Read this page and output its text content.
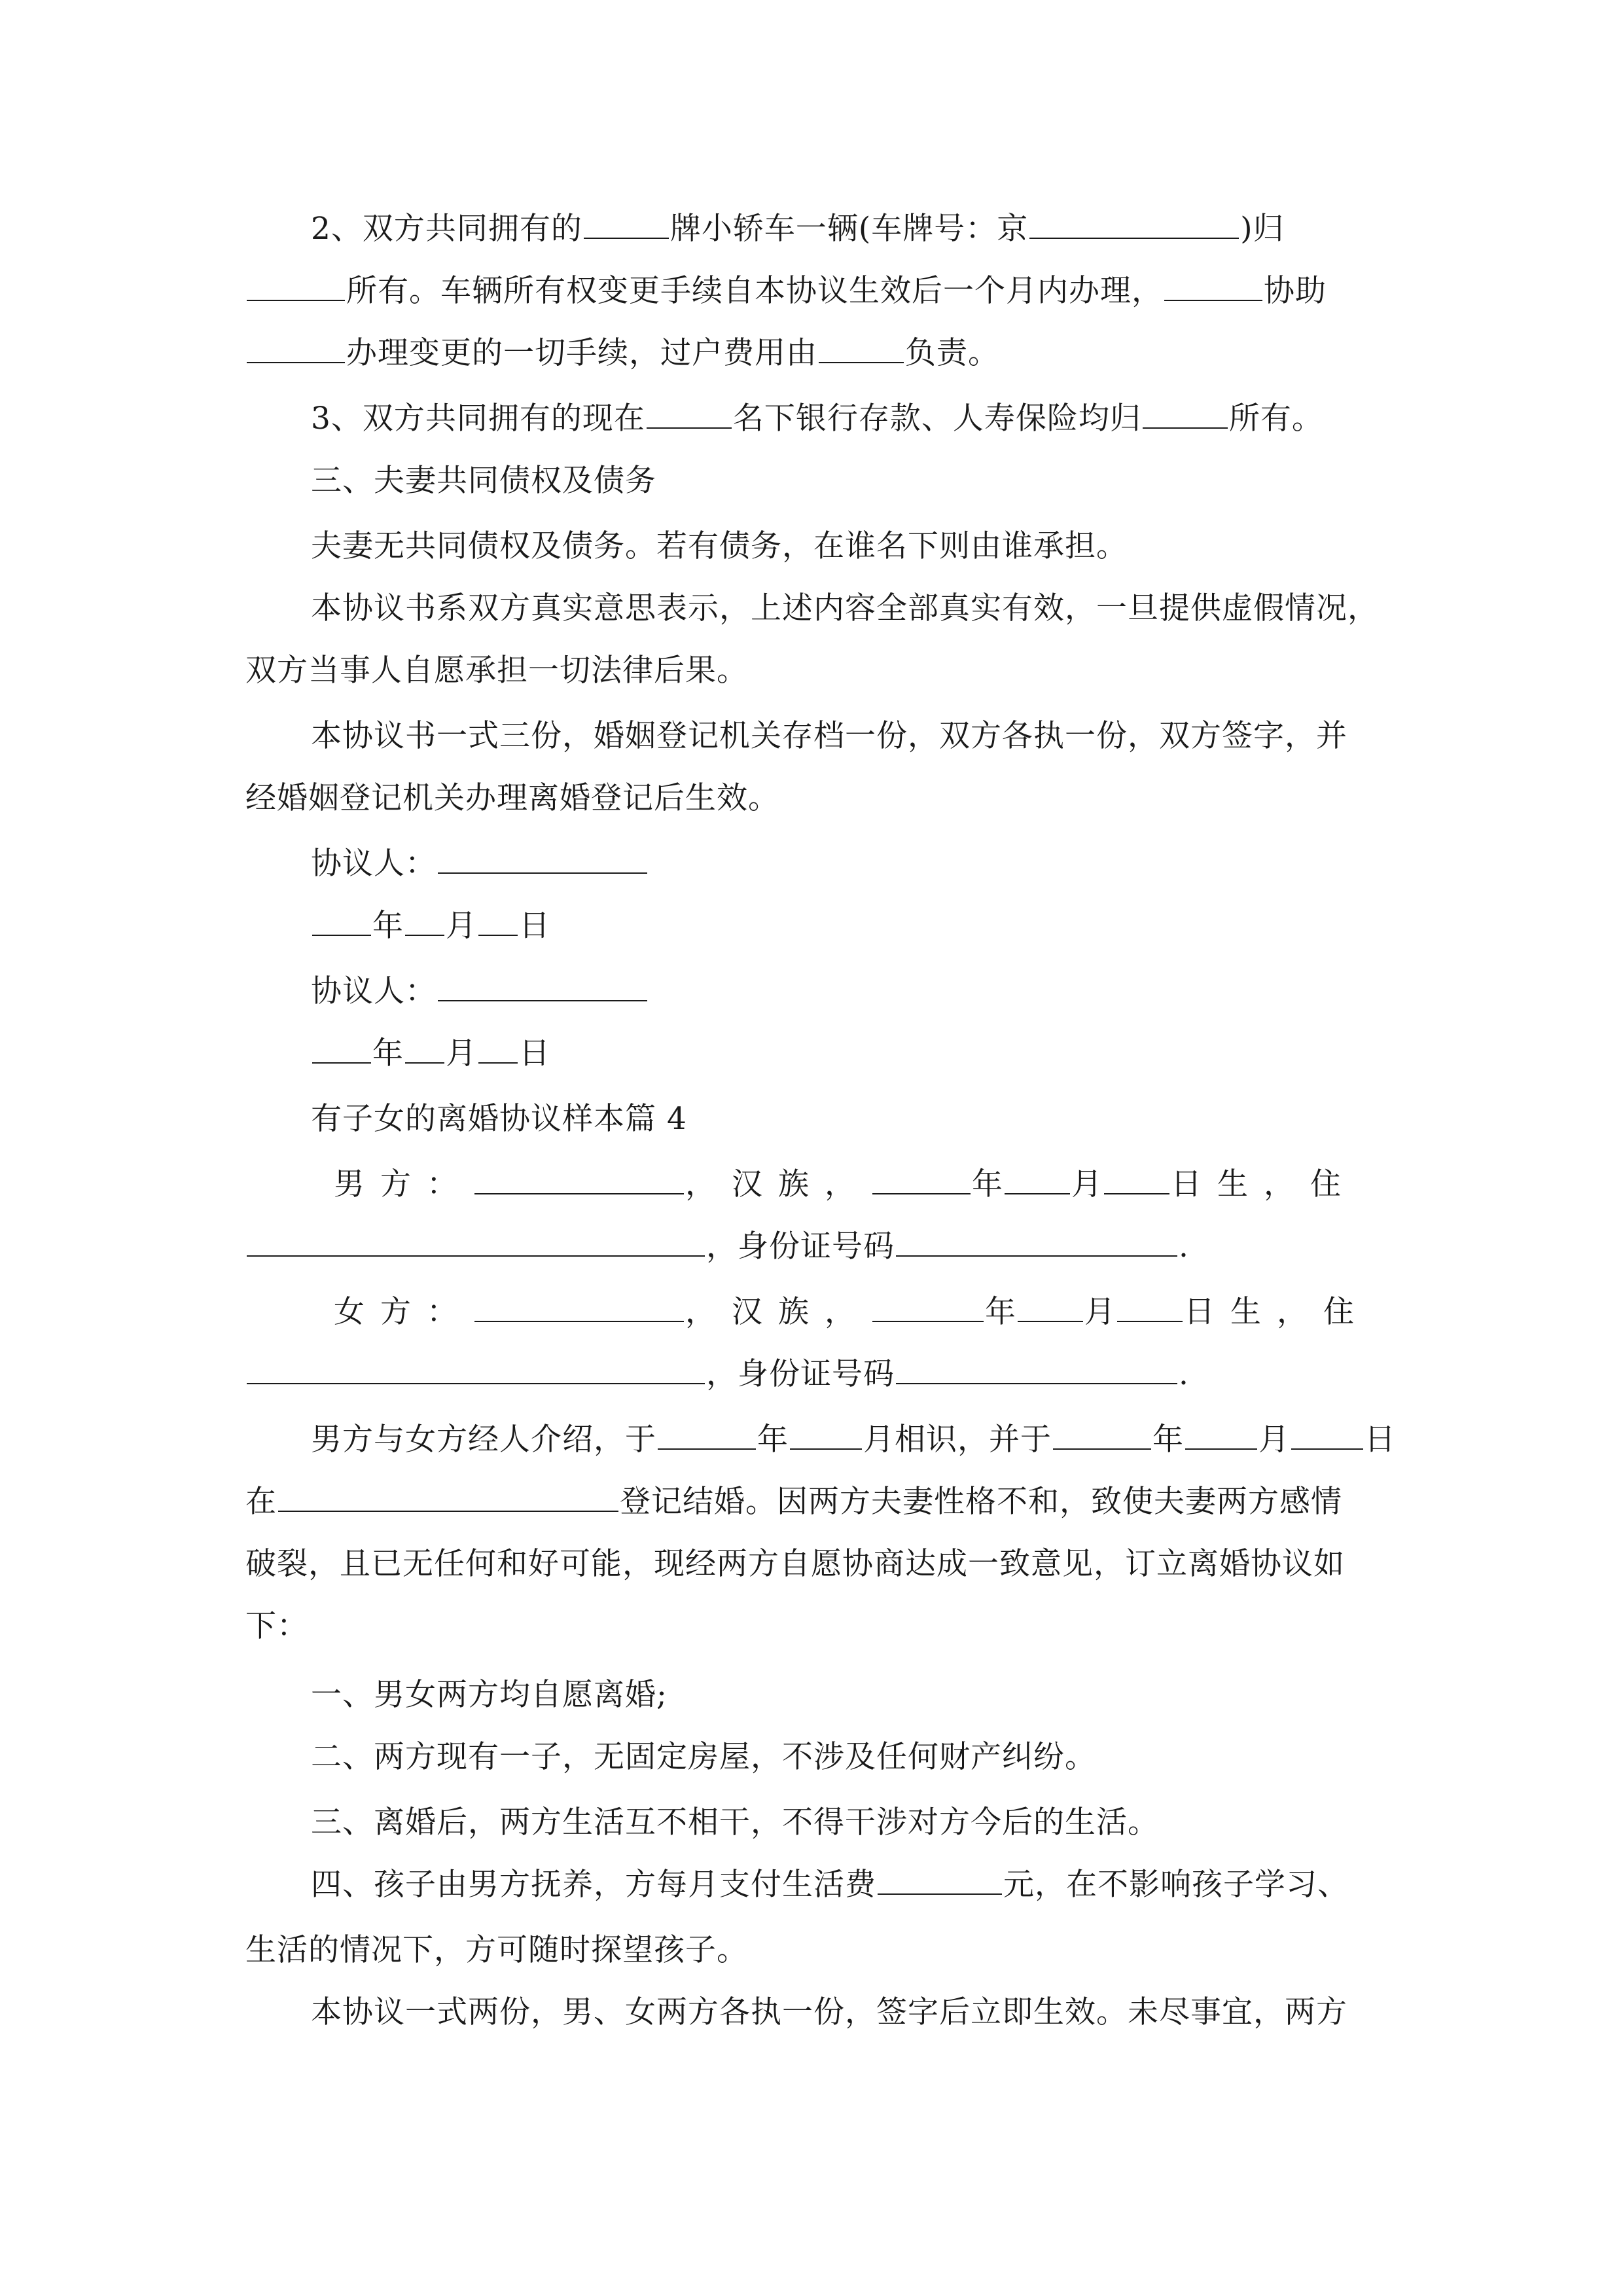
2、双方共同拥有的	牌小轿车一辆(车牌号：京	)归
所有。车辆所有权变更手续自本协议生效后一个月内办理，	协助
办理变更的一切手续，过户费用由	负责。
3、双方共同拥有的现在	名下银行存款、人寿保险均归	所有。
三、夫妻共同债权及债务
夫妻无共同债权及债务。若有债务，在谁名下则由谁承担。
本协议书系双方真实意思表示，上述内容全部真实有效，一旦提供虚假情况，
双方当事人自愿承担一切法律后果。
本协议书一式三份，婚姻登记机关存档一份，双方各执一份，双方签字，并
经婚姻登记机关办理离婚登记后生效。
协议人：
年 月 日
协议人：
年 月 日
有子女的离婚协议样本篇 4
男方：	，汉族，	年 月 日生，住
，身份证号码	.
女方：	，汉族，	年 月 日生，住
，身份证号码	.
男方与女方经人介绍，于	年 月相识，并于	年 月 日
在	登记结婚。因两方夫妻性格不和，致使夫妻两方感情
破裂，且已无任何和好可能，现经两方自愿协商达成一致意见，订立离婚协议如
下：
一、男女两方均自愿离婚;
二、两方现有一子，无固定房屋，不涉及任何财产纠纷。
三、离婚后，两方生活互不相干，不得干涉对方今后的生活。
四、孩子由男方抚养，方每月支付生活费	元，在不影响孩子学习、
生活的情况下，方可随时探望孩子。
本协议一式两份，男、女两方各执一份，签字后立即生效。未尽事宜，两方
